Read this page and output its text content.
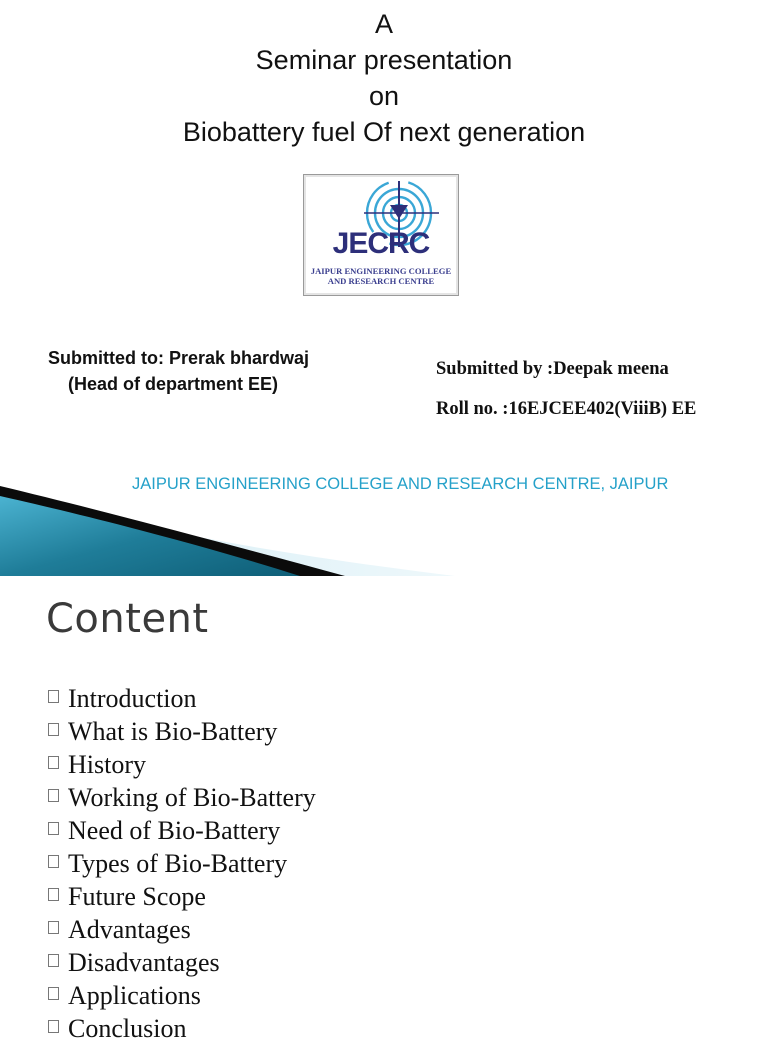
A
Seminar presentation
on
Biobattery fuel Of next generation
JECRC
JAIPUR ENGINEERING COLLEGE
AND RESEARCH CENTRE
Submitted to: Prerak bhardwaj
(Head of department EE)
Submitted by :Deepak meena
Roll no. :16EJCEE402(ViiiB) EE
JAIPUR ENGINEERING COLLEGE AND RESEARCH CENTRE, JAIPUR
Content
Introduction
What is Bio-Battery
History
Working of Bio-Battery
Need of Bio-Battery
Types of Bio-Battery
Future Scope
Advantages
Disadvantages
Applications
Conclusion
